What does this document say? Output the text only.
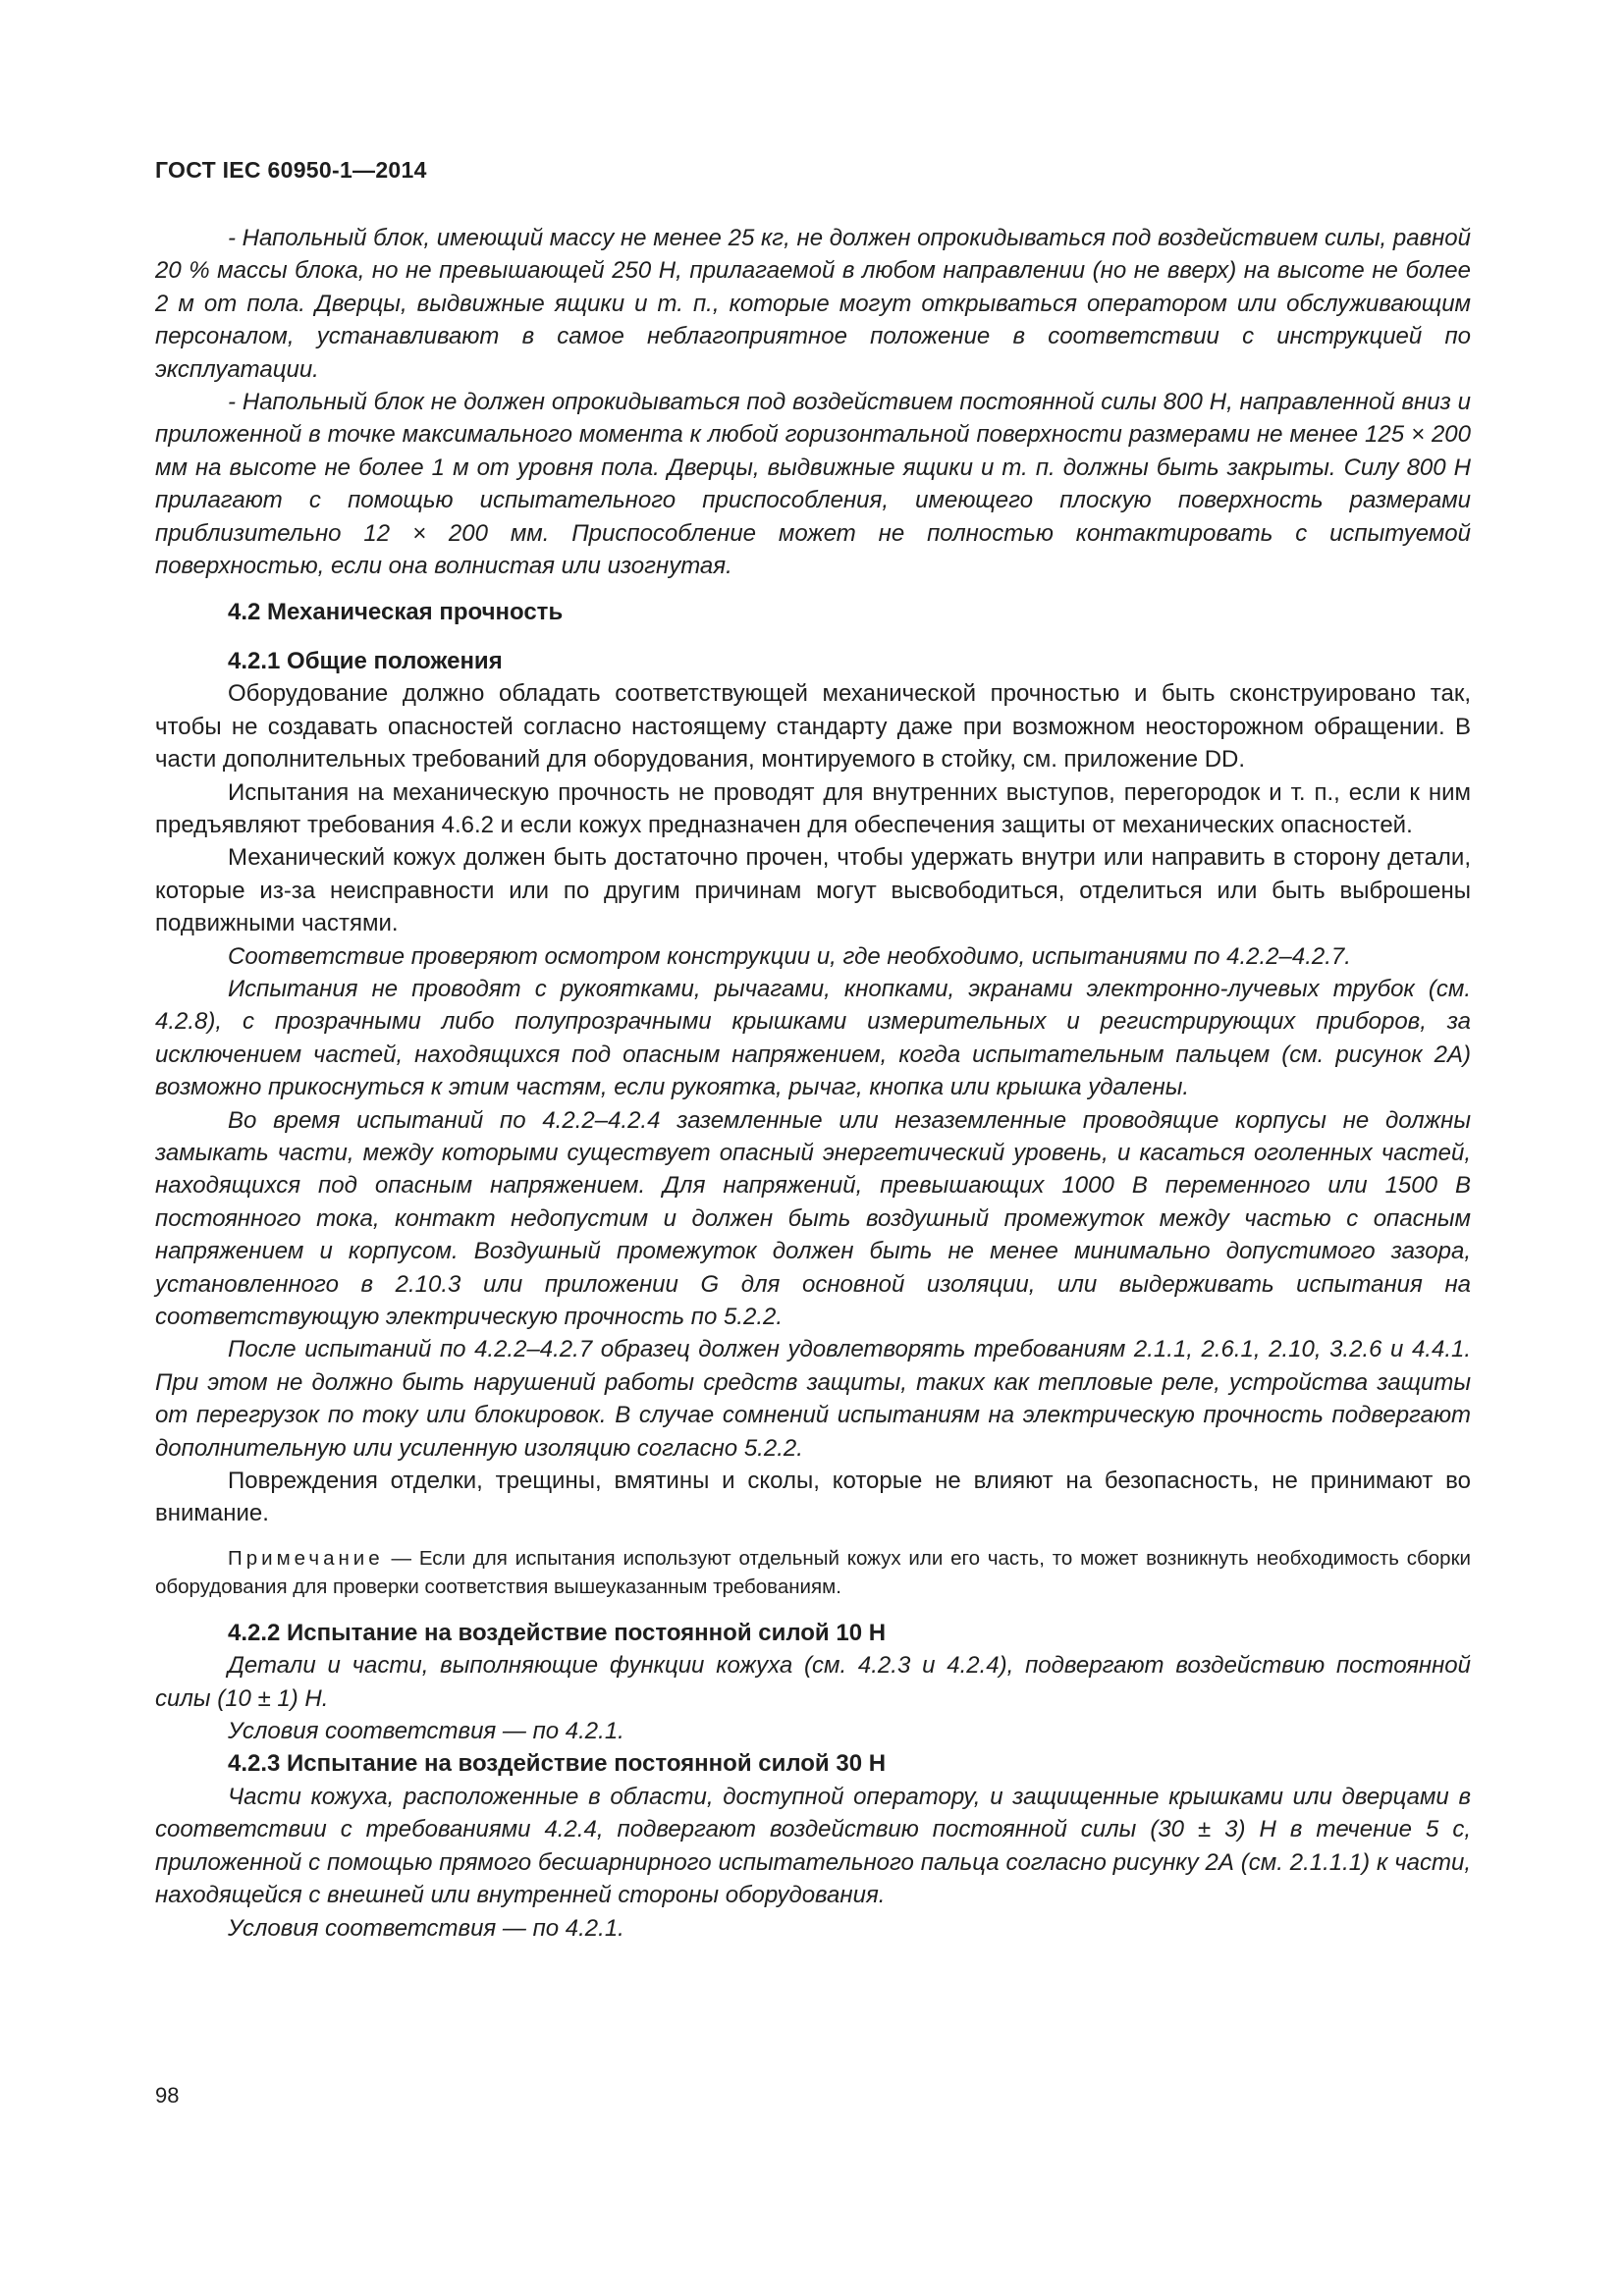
ГОСТ IEC 60950-1—2014

- Напольный блок, имеющий массу не менее 25 кг, не должен опрокидываться под воздействием силы, равной 20 % массы блока, но не превышающей 250 Н, прилагаемой в любом направлении (но не вверх) на высоте не более 2 м от пола. Дверцы, выдвижные ящики и т. п., которые могут открываться оператором или обслуживающим персоналом, устанавливают в самое неблагоприятное положение в соответствии с инструкцией по эксплуатации.

- Напольный блок не должен опрокидываться под воздействием постоянной силы 800 Н, направленной вниз и приложенной в точке максимального момента к любой горизонтальной поверхности размерами не менее 125 × 200 мм на высоте не более 1 м от уровня пола. Дверцы, выдвижные ящики и т. п. должны быть закрыты. Силу 800 Н прилагают с помощью испытательного приспособления, имеющего плоскую поверхность размерами приблизительно 12 × 200 мм. Приспособление может не полностью контактировать с испытуемой поверхностью, если она волнистая или изогнутая.

4.2 Механическая прочность
4.2.1 Общие положения

Оборудование должно обладать соответствующей механической прочностью и быть сконструировано так, чтобы не создавать опасностей согласно настоящему стандарту даже при возможном неосторожном обращении. В части дополнительных требований для оборудования, монтируемого в стойку, см. приложение DD.

Испытания на механическую прочность не проводят для внутренних выступов, перегородок и т. п., если к ним предъявляют требования 4.6.2 и если кожух предназначен для обеспечения защиты от механических опасностей.

Механический кожух должен быть достаточно прочен, чтобы удержать внутри или направить в сторону детали, которые из-за неисправности или по другим причинам могут высвободиться, отделиться или быть выброшены подвижными частями.

Соответствие проверяют осмотром конструкции и, где необходимо, испытаниями по 4.2.2–4.2.7.

Испытания не проводят с рукоятками, рычагами, кнопками, экранами электронно-лучевых трубок (см. 4.2.8), с прозрачными либо полупрозрачными крышками измерительных и регистрирующих приборов, за исключением частей, находящихся под опасным напряжением, когда испытательным пальцем (см. рисунок 2А) возможно прикоснуться к этим частям, если рукоятка, рычаг, кнопка или крышка удалены.

Во время испытаний по 4.2.2–4.2.4 заземленные или незаземленные проводящие корпусы не должны замыкать части, между которыми существует опасный энергетический уровень, и касаться оголенных частей, находящихся под опасным напряжением. Для напряжений, превышающих 1000 В переменного или 1500 В постоянного тока, контакт недопустим и должен быть воздушный промежуток между частью с опасным напряжением и корпусом. Воздушный промежуток должен быть не менее минимально допустимого зазора, установленного в 2.10.3 или приложении G для основной изоляции, или выдерживать испытания на соответствующую электрическую прочность по 5.2.2.

После испытаний по 4.2.2–4.2.7 образец должен удовлетворять требованиям 2.1.1, 2.6.1, 2.10, 3.2.6 и 4.4.1. При этом не должно быть нарушений работы средств защиты, таких как тепловые реле, устройства защиты от перегрузок по току или блокировок. В случае сомнений испытаниям на электрическую прочность подвергают дополнительную или усиленную изоляцию согласно 5.2.2.

Повреждения отделки, трещины, вмятины и сколы, которые не влияют на безопасность, не принимают во внимание.

Примечание — Если для испытания используют отдельный кожух или его часть, то может возникнуть необходимость сборки оборудования для проверки соответствия вышеуказанным требованиям.

4.2.2 Испытание на воздействие постоянной силой 10 Н

Детали и части, выполняющие функции кожуха (см. 4.2.3 и 4.2.4), подвергают воздействию постоянной силы (10 ± 1) Н.

Условия соответствия — по 4.2.1.

4.2.3 Испытание на воздействие постоянной силой 30 Н

Части кожуха, расположенные в области, доступной оператору, и защищенные крышками или дверцами в соответствии с требованиями 4.2.4, подвергают воздействию постоянной силы (30 ± 3) Н в течение 5 с, приложенной с помощью прямого бесшарнирного испытательного пальца согласно рисунку 2А (см. 2.1.1.1) к части, находящейся с внешней или внутренней стороны оборудования.

Условия соответствия — по 4.2.1.

98
